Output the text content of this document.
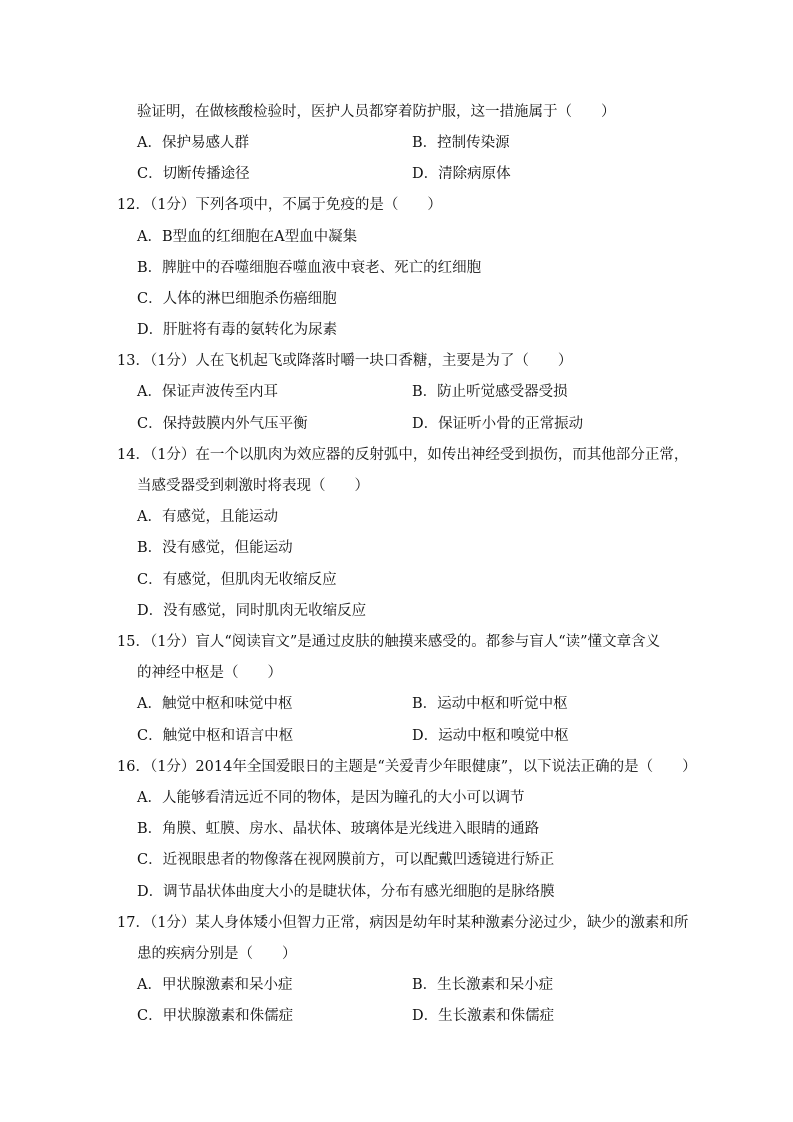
验证明，在做核酸检验时，医护人员都穿着防护服，这一措施属于（　　）
A．保护易感人群	B．控制传染源
C．切断传播途径	D．清除病原体
12．（1分）下列各项中，不属于免疫的是（　　）
A．B型血的红细胞在A型血中凝集
B．脾脏中的吞噬细胞吞噬血液中衰老、死亡的红细胞
C．人体的淋巴细胞杀伤癌细胞
D．肝脏将有毒的氨转化为尿素
13．（1分）人在飞机起飞或降落时嚼一块口香糖，主要是为了（　　）
A．保证声波传至内耳	B．防止听觉感受器受损
C．保持鼓膜内外气压平衡	D．保证听小骨的正常振动
14．（1分）在一个以肌肉为效应器的反射弧中，如传出神经受到损伤，而其他部分正常，
当感受器受到刺激时将表现（　　）
A．有感觉，且能运动
B．没有感觉，但能运动
C．有感觉，但肌肉无收缩反应
D．没有感觉，同时肌肉无收缩反应
15．（1分）盲人“阅读盲文”是通过皮肤的触摸来感受的。都参与盲人“读”懂文章含义
的神经中枢是（　　）
A．触觉中枢和味觉中枢	B．运动中枢和听觉中枢
C．触觉中枢和语言中枢	D．运动中枢和嗅觉中枢
16．（1分）2014年全国爱眼日的主题是“关爱青少年眼健康”，以下说法正确的是（　　）
A．人能够看清远近不同的物体，是因为瞳孔的大小可以调节
B．角膜、虹膜、房水、晶状体、玻璃体是光线进入眼睛的通路
C．近视眼患者的物像落在视网膜前方，可以配戴凹透镜进行矫正
D．调节晶状体曲度大小的是睫状体，分布有感光细胞的是脉络膜
17．（1分）某人身体矮小但智力正常，病因是幼年时某种激素分泌过少，缺少的激素和所
患的疾病分别是（　　）
A．甲状腺激素和呆小症	B．生长激素和呆小症
C．甲状腺激素和侏儒症	D．生长激素和侏儒症
